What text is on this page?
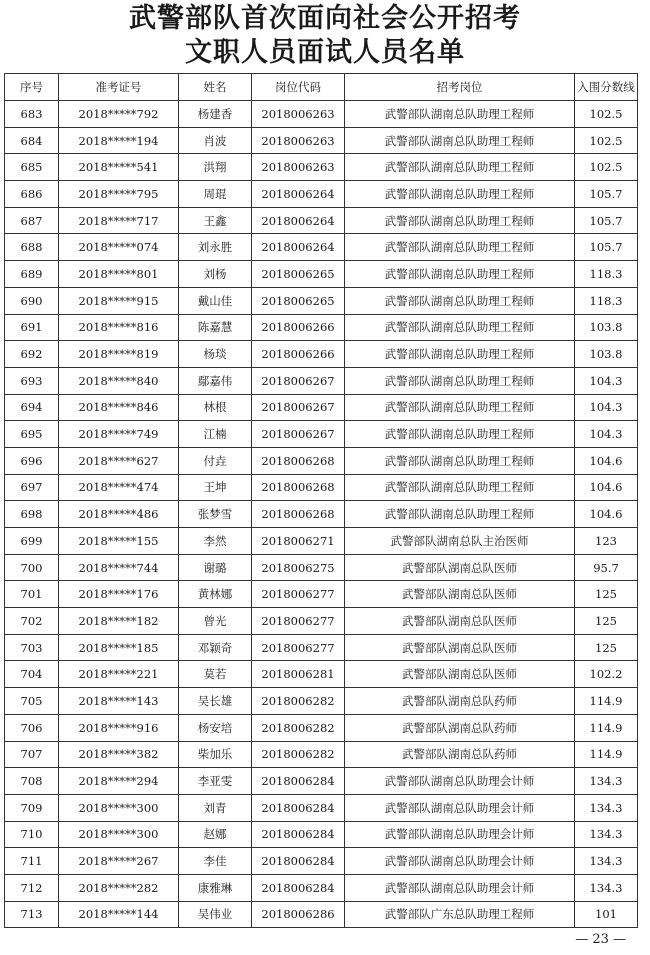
武警部队首次面向社会公开招考
文职人员面试人员名单
序号	准考证号	姓名	岗位代码	招考岗位	入围分数线
683	2018*****792	杨建香	2018006263	武警部队湖南总队助理工程师	102.5
684	2018*****194	肖波	2018006263	武警部队湖南总队助理工程师	102.5
685	2018*****541	洪翔	2018006263	武警部队湖南总队助理工程师	102.5
686	2018*****795	周琨	2018006264	武警部队湖南总队助理工程师	105.7
687	2018*****717	王鑫	2018006264	武警部队湖南总队助理工程师	105.7
688	2018*****074	刘永胜	2018006264	武警部队湖南总队助理工程师	105.7
689	2018*****801	刘杨	2018006265	武警部队湖南总队助理工程师	118.3
690	2018*****915	戴山佳	2018006265	武警部队湖南总队助理工程师	118.3
691	2018*****816	陈嘉慧	2018006266	武警部队湖南总队助理工程师	103.8
692	2018*****819	杨琰	2018006266	武警部队湖南总队助理工程师	103.8
693	2018*****840	鄢嘉伟	2018006267	武警部队湖南总队助理工程师	104.3
694	2018*****846	林根	2018006267	武警部队湖南总队助理工程师	104.3
695	2018*****749	江楠	2018006267	武警部队湖南总队助理工程师	104.3
696	2018*****627	付垚	2018006268	武警部队湖南总队助理工程师	104.6
697	2018*****474	王坤	2018006268	武警部队湖南总队助理工程师	104.6
698	2018*****486	张梦雪	2018006268	武警部队湖南总队助理工程师	104.6
699	2018*****155	李然	2018006271	武警部队湖南总队主治医师	123
700	2018*****744	谢璐	2018006275	武警部队湖南总队医师	95.7
701	2018*****176	黄林娜	2018006277	武警部队湖南总队医师	125
702	2018*****182	曾光	2018006277	武警部队湖南总队医师	125
703	2018*****185	邓颖奇	2018006277	武警部队湖南总队医师	125
704	2018*****221	莫若	2018006281	武警部队湖南总队医师	102.2
705	2018*****143	吴长雄	2018006282	武警部队湖南总队药师	114.9
706	2018*****916	杨安培	2018006282	武警部队湖南总队药师	114.9
707	2018*****382	柴加乐	2018006282	武警部队湖南总队药师	114.9
708	2018*****294	李亚雯	2018006284	武警部队湖南总队助理会计师	134.3
709	2018*****300	刘青	2018006284	武警部队湖南总队助理会计师	134.3
710	2018*****300	赵娜	2018006284	武警部队湖南总队助理会计师	134.3
711	2018*****267	李佳	2018006284	武警部队湖南总队助理会计师	134.3
712	2018*****282	康雅琳	2018006284	武警部队湖南总队助理会计师	134.3
713	2018*****144	吴伟业	2018006286	武警部队广东总队助理工程师	101
— 23 —
